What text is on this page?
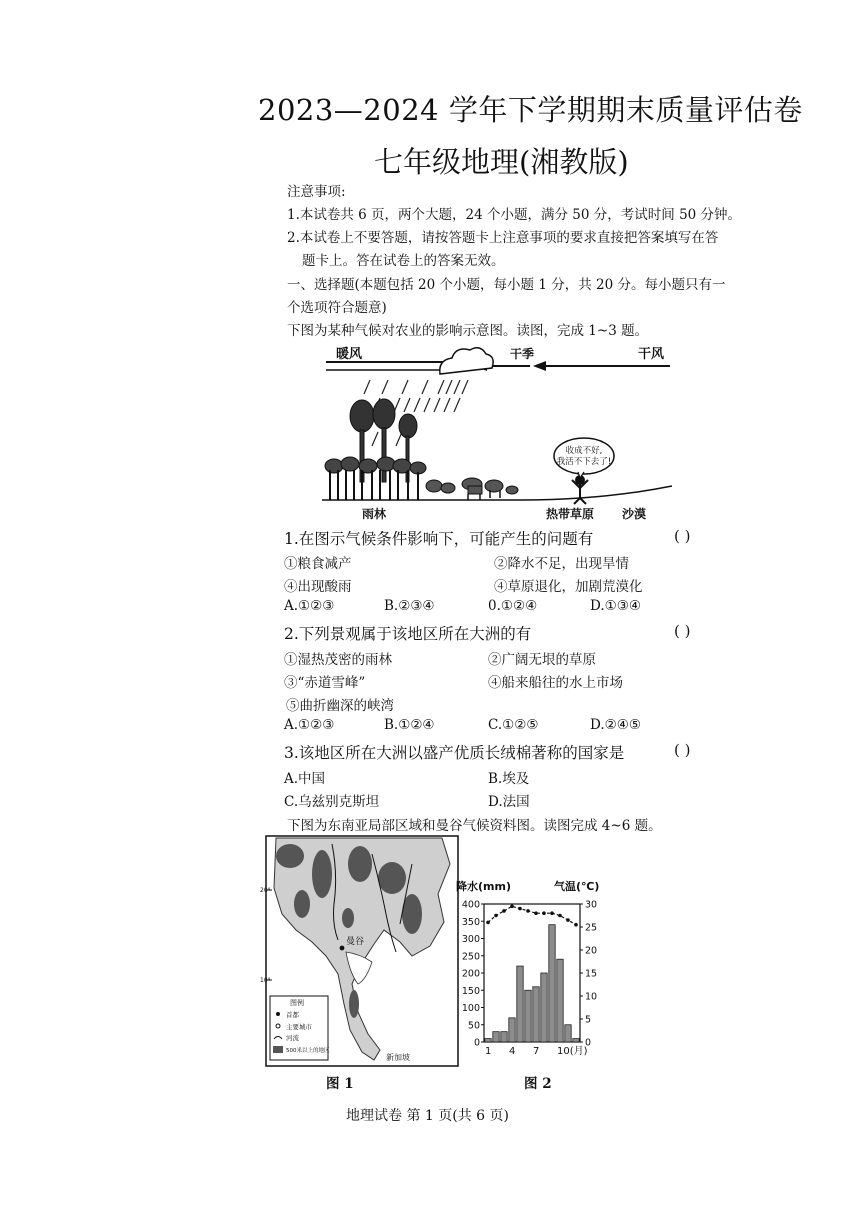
2023—2024 学年下学期期末质量评估卷
七年级地理(湘教版)
注意事项:
1.本试卷共 6 页，两个大题，24 个小题，满分 50 分，考试时间 50 分钟。
2.本试卷上不要答题，请按答题卡上注意事项的要求直接把答案填写在答
题卡上。答在试卷上的答案无效。
一、选择题(本题包括 20 个小题，每小题 1 分，共 20 分。每小题只有一
个选项符合题意)
下图为某种气候对农业的影响示意图。读图，完成 1~3 题。
收成不好,
我活不下去了!
暖风	干季	干风
雨林	热带草原 沙漠
1.在图示气候条件影响下，可能产生的问题有	( )
①粮食减产	②降水不足，出现旱情
④出现酸雨	④草原退化，加剧荒漠化
A.①②③	B.②③④	0.①②④	D.①③④
2.下列景观属于该地区所在大洲的有	( )
①湿热茂密的雨林	②广阔无垠的草原
③“赤道雪峰”	④船来船往的水上市场
⑤曲折幽深的峡湾
A.①②③	B.①②④	C.①②⑤	D.②④⑤
3.该地区所在大洲以盛产优质长绒棉著称的国家是	( )
A.中国	B.埃及
C.乌兹别克斯坦	D.法国
下图为东南亚局部区域和曼谷气候资料图。读图完成 4~6 题。
20°
10°
曼谷
新加坡
图例
首都
主要城市
河流
500米以上的地区
图 1
降水(mm)	气温(℃)
0
50
100
150
200
250
300
350
400
0
5
10
15
20
25
30
1 4 7 10(月)
图 2
地理试卷 第 1 页(共 6 页)
